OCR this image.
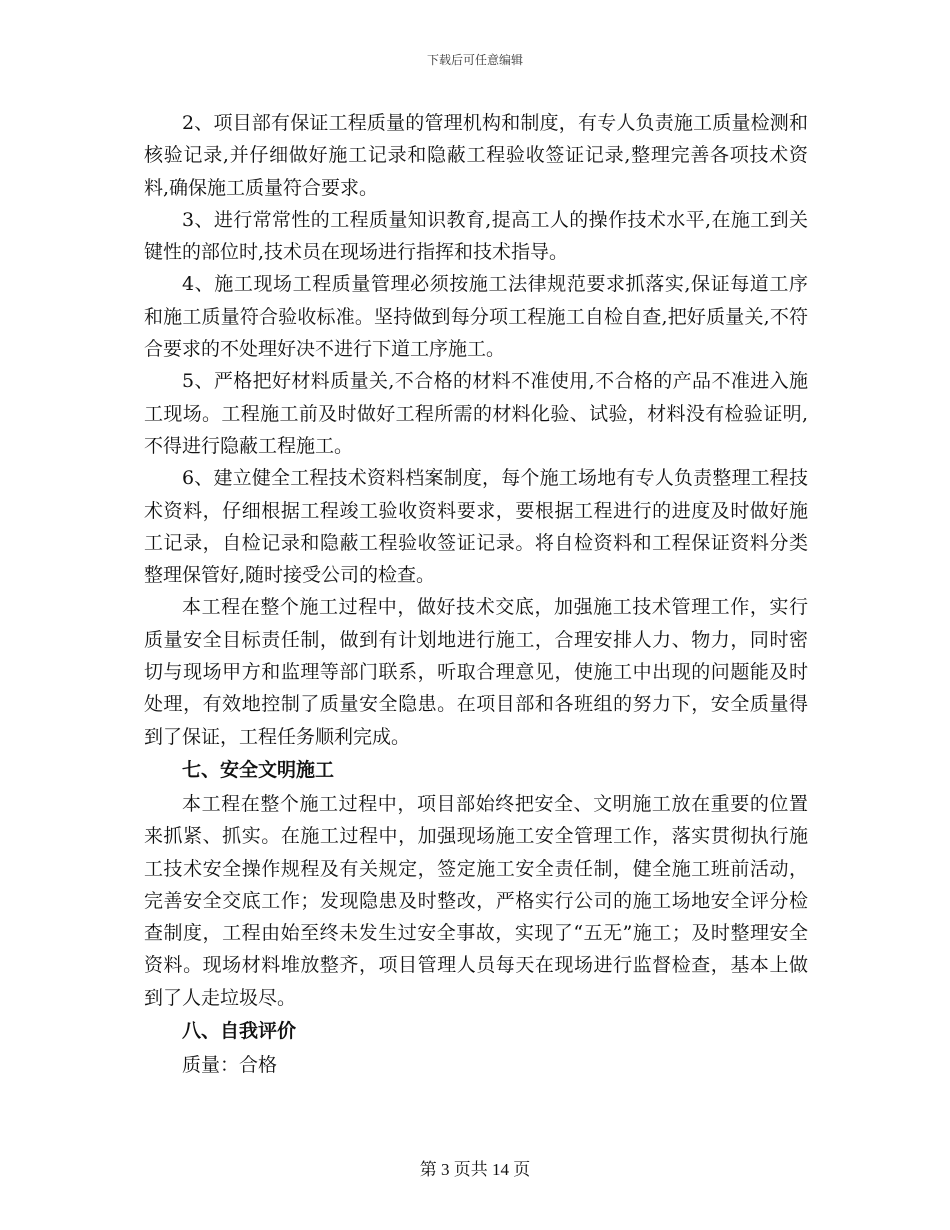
下载后可任意编辑

2、项目部有保证工程质量的管理机构和制度，有专人负责施工质量检测和核验记录,并仔细做好施工记录和隐蔽工程验收签证记录,整理完善各项技术资料,确保施工质量符合要求。

3、进行常常性的工程质量知识教育,提高工人的操作技术水平,在施工到关键性的部位时,技术员在现场进行指挥和技术指导。

4、施工现场工程质量管理必须按施工法律规范要求抓落实,保证每道工序和施工质量符合验收标准。坚持做到每分项工程施工自检自查,把好质量关,不符合要求的不处理好决不进行下道工序施工。

5、严格把好材料质量关,不合格的材料不准使用,不合格的产品不准进入施工现场。工程施工前及时做好工程所需的材料化验、试验，材料没有检验证明,不得进行隐蔽工程施工。

6、建立健全工程技术资料档案制度，每个施工场地有专人负责整理工程技术资料，仔细根据工程竣工验收资料要求，要根据工程进行的进度及时做好施工记录，自检记录和隐蔽工程验收签证记录。将自检资料和工程保证资料分类整理保管好,随时接受公司的检查。

本工程在整个施工过程中，做好技术交底，加强施工技术管理工作，实行质量安全目标责任制，做到有计划地进行施工，合理安排人力、物力，同时密切与现场甲方和监理等部门联系，听取合理意见，使施工中出现的问题能及时处理，有效地控制了质量安全隐患。在项目部和各班组的努力下，安全质量得到了保证，工程任务顺利完成。

七、安全文明施工

本工程在整个施工过程中，项目部始终把安全、文明施工放在重要的位置来抓紧、抓实。在施工过程中，加强现场施工安全管理工作，落实贯彻执行施工技术安全操作规程及有关规定，签定施工安全责任制，健全施工班前活动，完善安全交底工作；发现隐患及时整改，严格实行公司的施工场地安全评分检查制度，工程由始至终未发生过安全事故，实现了“五无”施工；及时整理安全资料。现场材料堆放整齐，项目管理人员每天在现场进行监督检查，基本上做到了人走垃圾尽。

八、自我评价

质量：合格

第 3 页共 14 页
